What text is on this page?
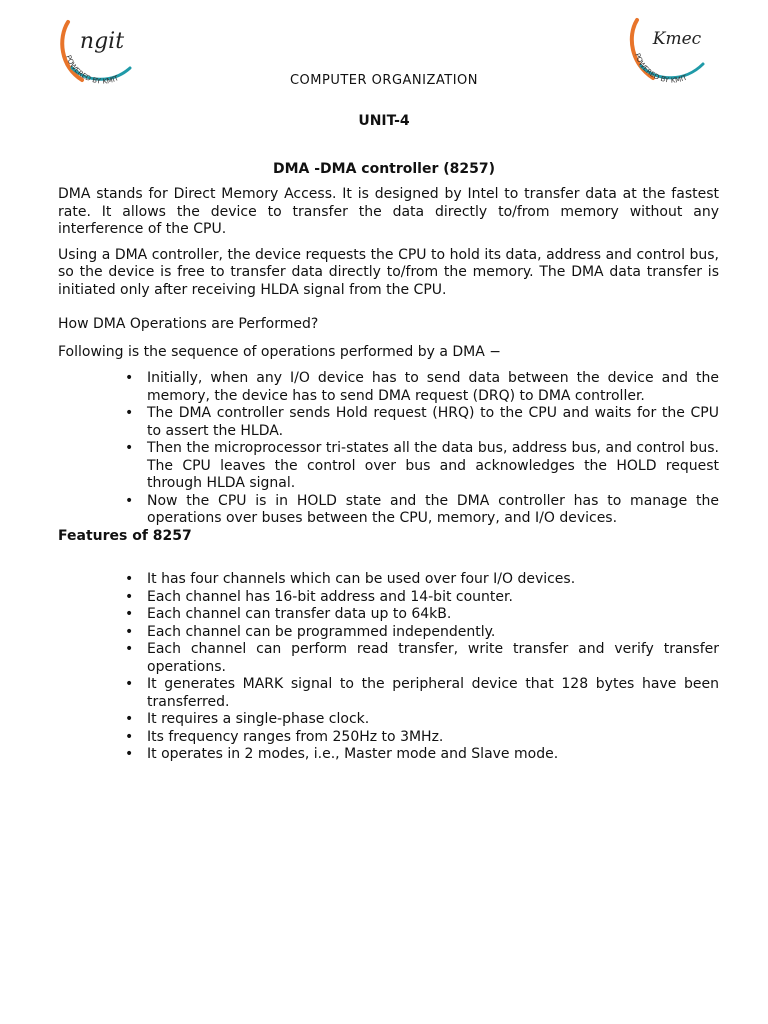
ngit
POWERED BY KMIT
Kmec
POWERED BY KMIT
COMPUTER ORGANIZATION
UNIT-4
DMA -DMA controller (8257)

DMA stands for Direct Memory Access. It is designed by Intel to transfer data at the fastest rate. It allows the device to transfer the data directly to/from memory without any interference of the CPU.

Using a DMA controller, the device requests the CPU to hold its data, address and control bus, so the device is free to transfer data directly to/from the memory. The DMA data transfer is initiated only after receiving HLDA signal from the CPU.

How DMA Operations are Performed?

Following is the sequence of operations performed by a DMA −

• Initially, when any I/O device has to send data between the device and the memory, the device has to send DMA request (DRQ) to DMA controller.
• The DMA controller sends Hold request (HRQ) to the CPU and waits for the CPU to assert the HLDA.
• Then the microprocessor tri-states all the data bus, address bus, and control bus. The CPU leaves the control over bus and acknowledges the HOLD request through HLDA signal.
• Now the CPU is in HOLD state and the DMA controller has to manage the operations over buses between the CPU, memory, and I/O devices.

Features of 8257

• It has four channels which can be used over four I/O devices.
• Each channel has 16-bit address and 14-bit counter.
• Each channel can transfer data up to 64kB.
• Each channel can be programmed independently.
• Each channel can perform read transfer, write transfer and verify transfer operations.
• It generates MARK signal to the peripheral device that 128 bytes have been transferred.
• It requires a single-phase clock.
• Its frequency ranges from 250Hz to 3MHz.
• It operates in 2 modes, i.e., Master mode and Slave mode.
